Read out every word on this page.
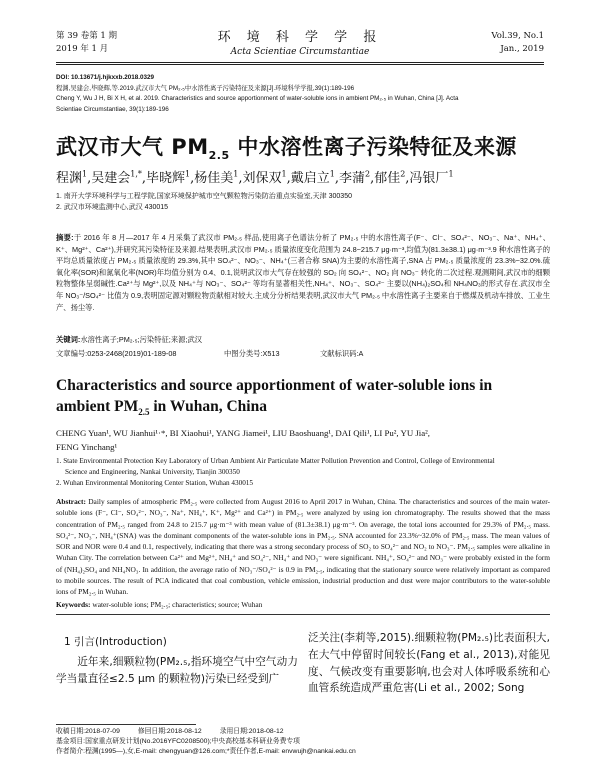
第 39 卷第 1 期
2019 年 1 月
环 境 科 学 学 报
Acta Scientiae Circumstantiae
Vol.39, No.1
Jan., 2019
DOI: 10.13671/j.hjkxxb.2018.0329
程渊,吴建会,毕晓辉,等.2019.武汉市大气 PM₂.₅中水溶性离子污染特征及来源[J].环境科学学报,39(1):189-196
Cheng Y, Wu J H, Bi X H, et al. 2019. Characteristics and source apportionment of water-soluble ions in ambient PM₂.₅ in Wuhan, China [J]. Acta
Scientiae Circumstantiae, 39(1):189-196
武汉市大气 $PM_{2.5}$ 中水溶性离子污染特征及来源
程渊$^1$,吴建会$^{1,*}$,毕晓辉$^1$,杨佳美$^1$,刘保双$^1$,戴启立$^1$,李蒲$^2$,郁佳$^2$,冯银厂$^1$
1. 南开大学环境科学与工程学院,国家环境保护城市空气颗粒物污染防治重点实验室,天津 300350
2. 武汉市环境监测中心,武汉 430015
摘要:于 2016 年 8 月—2017 年 4 月采集了武汉市 PM₂.₅ 样品,使用离子色谱法分析了 PM₂.₅ 中的水溶性离子(F⁻、Cl⁻、SO₄²⁻、NO₃⁻、Na⁺、NH₄⁺、K⁺、Mg²⁺、Ca²⁺),并研究其污染特征及来源.结果表明,武汉市 PM₂.₅ 质量浓度变化范围为 24.8~215.7 μg·m⁻³,均值为(81.3±38.1) μg·m⁻³.9 种水溶性离子的平均总质量浓度占 PM₂.₅ 质量浓度的 29.3%,其中 SO₄²⁻、NO₃⁻、NH₄⁺(三者合称 SNA)为主要的水溶性离子,SNA 占 PM₂.₅ 质量浓度的 23.3%~32.0%.硫氧化率(SOR)和氮氧化率(NOR)年均值分别为 0.4、0.1,说明武汉市大气存在较强的 SO₂ 向 SO₄²⁻、NO₂ 向 NO₃⁻ 转化的二次过程.观测期间,武汉市的细颗粒物整体呈弱碱性.Ca²⁺与 Mg²⁺,以及 NH₄⁺与 NO₃⁻、SO₄²⁻ 等均有显著相关性,NH₄⁺、NO₃⁻、SO₄²⁻ 主要以(NH₄)₂SO₄和 NH₄NO₃的形式存在.武汉市全年 NO₃⁻/SO₄²⁻ 比值为 0.9,表明固定源对颗粒物贡献相对较大.主成分分析结果表明,武汉市大气 PM₂.₅ 中水溶性离子主要来自于燃煤及机动车排放、工业生产、扬尘等.
关键词:水溶性离子;PM₂.₅;污染特征;来源;武汉
文章编号:0253-2468(2019)01-189-08	中图分类号:X513	文献标识码:A
Characteristics and source apportionment of water-soluble ions in ambient $PM_{2.5}$ in Wuhan, China
CHENG Yuan¹, WU Jianhui¹·*, BI Xiaohui¹, YANG Jiamei¹, LIU Baoshuang¹, DAI Qili¹, LI Pu², YU Jia²,
FENG Yinchang¹
1. State Environmental Protection Key Laboratory of Urban Ambient Air Particulate Matter Pollution Prevention and Control, College of Environmental
Science and Engineering, Nankai University, Tianjin 300350
2. Wuhan Environmental Monitoring Center Station, Wuhan 430015
Abstract: Daily samples of atmospheric PM₂.₅ were collected from August 2016 to April 2017 in Wuhan, China. The characteristics and sources of the main water-soluble ions (F⁻, Cl⁻, SO₄²⁻, NO₃⁻, Na⁺, NH₄⁺, K⁺, Mg²⁺ and Ca²⁺) in PM₂.₅ were analyzed by using ion chromatography. The results showed that the mass concentration of PM₂.₅ ranged from 24.8 to 215.7 μg·m⁻³ with mean value of (81.3±38.1) μg·m⁻³. On average, the total ions accounted for 29.3% of PM₂.₅ mass. SO₄²⁻, NO₃⁻, NH₄⁺(SNA) was the dominant components of the water-soluble ions in PM₂.₅. SNA accounted for 23.3%~32.0% of PM₂.₅ mass. The mean values of SOR and NOR were 0.4 and 0.1, respectively, indicating that there was a strong secondary process of SO₂ to SO₄²⁻ and NO₂ to NO₃⁻. PM₂.₅ samples were alkaline in Wuhan City. The correlation between Ca²⁺ and Mg²⁺, NH₄⁺ and SO₄²⁻, NH₄⁺ and NO₃⁻ were significant. NH₄⁺, SO₄²⁻ and NO₃⁻ were probably existed in the form of (NH₄)₂SO₄ and NH₄NO₃. In addition, the average ratio of NO₃⁻/SO₄²⁻ is 0.9 in PM₂.₅, indicating that the stationary source were relatively important as compared to mobile sources. The result of PCA indicated that coal combustion, vehicle emission, industrial production and dust were major contributors to the water-soluble ions of PM₂.₅ in Wuhan.
Keywords: water-soluble ions; PM₂.₅; characteristics; source; Wuhan
1 引言(Introduction)

近年来,细颗粒物(PM₂.₅,指环境空气中空气动力学当量直径≤2.5 μm 的颗粒物)污染已经受到广

泛关注(李莉等,2015).细颗粒物(PM₂.₅)比表面积大,在大气中停留时间较长(Fang et al., 2013),对能见度、气候改变有重要影响,也会对人体呼吸系统和心血管系统造成严重危害(Li et al., 2002; Song
收稿日期:2018-07-09	修回日期:2018-08-12	录用日期:2018-08-12
基金项目:国家重点研发计划(No.2016YFC0208500);中央高校基本科研业务费专项
作者简介:程渊(1995—),女,E-mail: chengyuan@126.com;*责任作者,E-mail: envwujh@nankai.edu.cn
